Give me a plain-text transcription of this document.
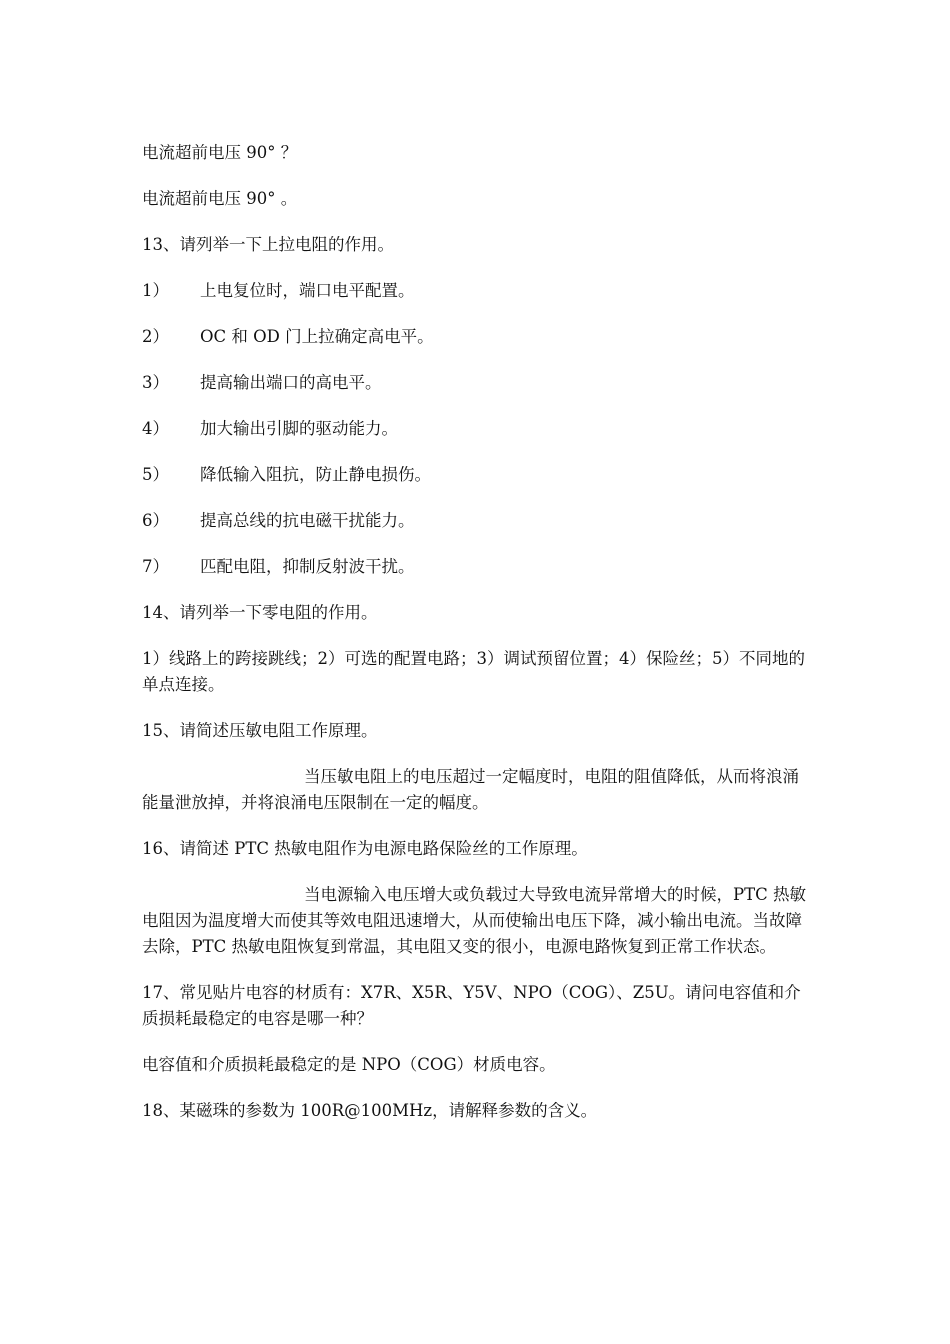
电流超前电压 90° ？

电流超前电压 90° 。

13、请列举一下上拉电阻的作用。

1）	上电复位时，端口电平配置。
2）	OC 和 OD 门上拉确定高电平。
3）	提高输出端口的高电平。
4）	加大输出引脚的驱动能力。
5）	降低输入阻抗，防止静电损伤。
6）	提高总线的抗电磁干扰能力。
7）	匹配电阻，抑制反射波干扰。

14、请列举一下零电阻的作用。

1）线路上的跨接跳线；2）可选的配置电路；3）调试预留位置；4）保险丝；5）不同地的单点连接。

15、请简述压敏电阻工作原理。

当压敏电阻上的电压超过一定幅度时，电阻的阻值降低，从而将浪涌能量泄放掉，并将浪涌电压限制在一定的幅度。

16、请简述 PTC 热敏电阻作为电源电路保险丝的工作原理。

当电源输入电压增大或负载过大导致电流异常增大的时候，PTC 热敏电阻因为温度增大而使其等效电阻迅速增大，从而使输出电压下降，减小输出电流。当故障去除，PTC 热敏电阻恢复到常温，其电阻又变的很小，电源电路恢复到正常工作状态。

17、常见贴片电容的材质有：X7R、X5R、Y5V、NPO（COG）、Z5U。请问电容值和介质损耗最稳定的电容是哪一种？

电容值和介质损耗最稳定的是 NPO（COG）材质电容。

18、某磁珠的参数为 100R@100MHz，请解释参数的含义。
